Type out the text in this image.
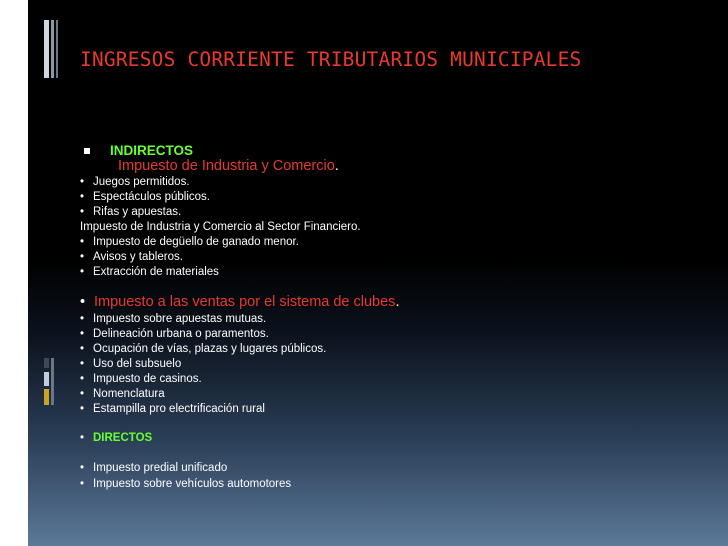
INGRESOS CORRIENTE TRIBUTARIOS MUNICIPALES
INDIRECTOS
Impuesto de Industria y Comercio.
• Juegos permitidos.
• Espectáculos públicos.
• Rifas y apuestas.
Impuesto de Industria y Comercio al Sector Financiero.
• Impuesto de degüello de ganado menor.
• Avisos y tableros.
• Extracción de materiales
• Impuesto a las ventas por el sistema de clubes.
• Impuesto sobre apuestas mutuas.
• Delineación urbana o paramentos.
• Ocupación de vías, plazas y lugares públicos.
• Uso del subsuelo
• Impuesto de casinos.
• Nomenclatura
• Estampilla pro electrificación rural
• DIRECTOS
• Impuesto predial unificado
• Impuesto sobre vehículos automotores
